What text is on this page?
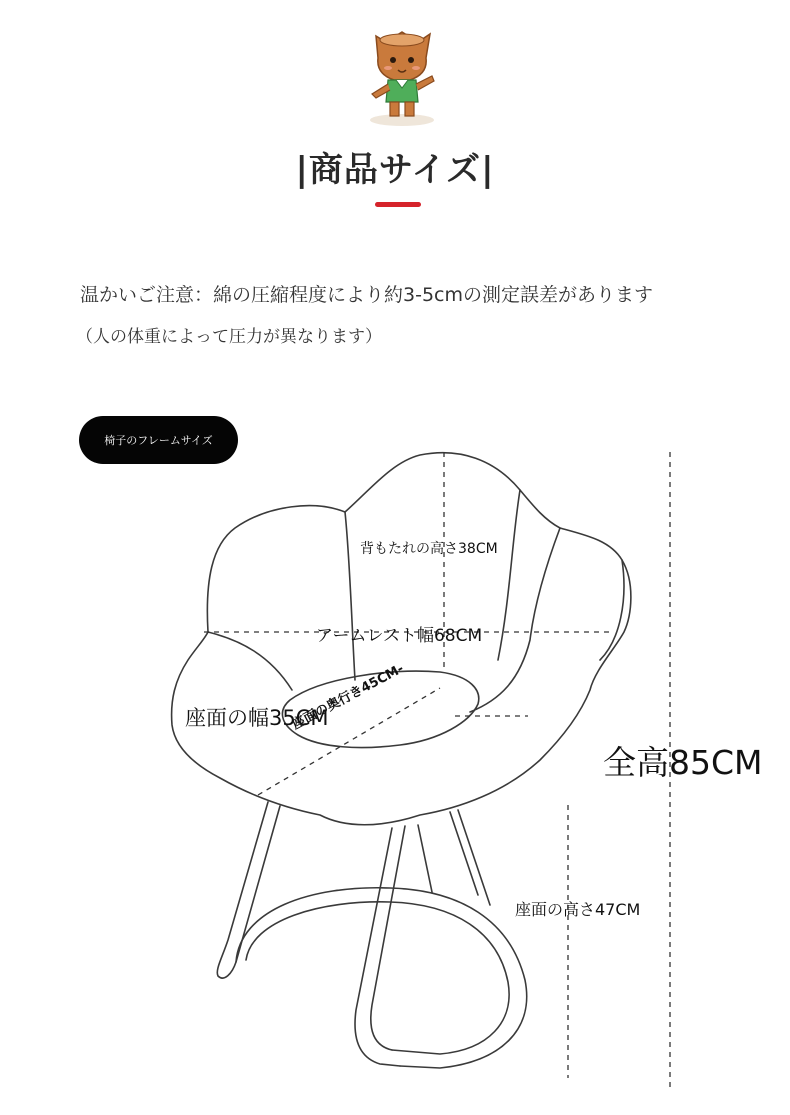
|商品サイズ|
温かいご注意：綿の圧縮程度により約3-5cmの測定誤差があります
（人の体重によって圧力が異なります）
椅子のフレームサイズ
背もたれの高さ38CM
アームレスト幅68CM
座面の幅35CM
座面の奥行き45CM-
全高85CM
座面の高さ47CM
